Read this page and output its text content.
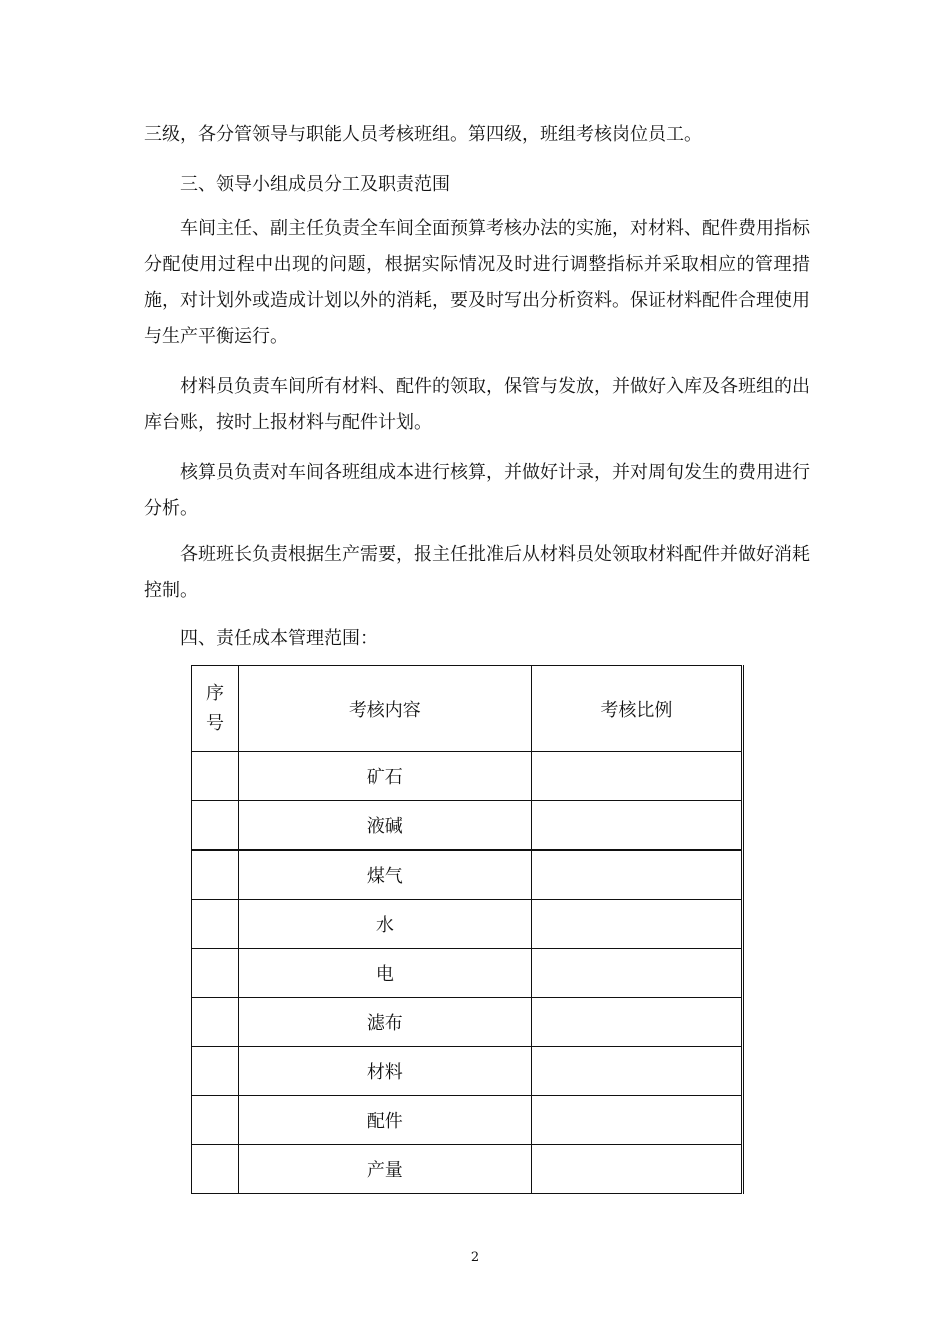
三级，各分管领导与职能人员考核班组。第四级，班组考核岗位员工。

三、领导小组成员分工及职责范围

车间主任、副主任负责全车间全面预算考核办法的实施，对材料、配件费用指标分配使用过程中出现的问题，根据实际情况及时进行调整指标并采取相应的管理措施，对计划外或造成计划以外的消耗，要及时写出分析资料。保证材料配件合理使用与生产平衡运行。

材料员负责车间所有材料、配件的领取，保管与发放，并做好入库及各班组的出库台账，按时上报材料与配件计划。

核算员负责对车间各班组成本进行核算，并做好计录，并对周旬发生的费用进行分析。

各班班长负责根据生产需要，报主任批准后从材料员处领取材料配件并做好消耗控制。

四、责任成本管理范围：

序
号	考核内容	考核比例
	矿石	
	液碱	
	煤气	
	水	
	电	
	滤布	
	材料	
	配件	
	产量	
2
